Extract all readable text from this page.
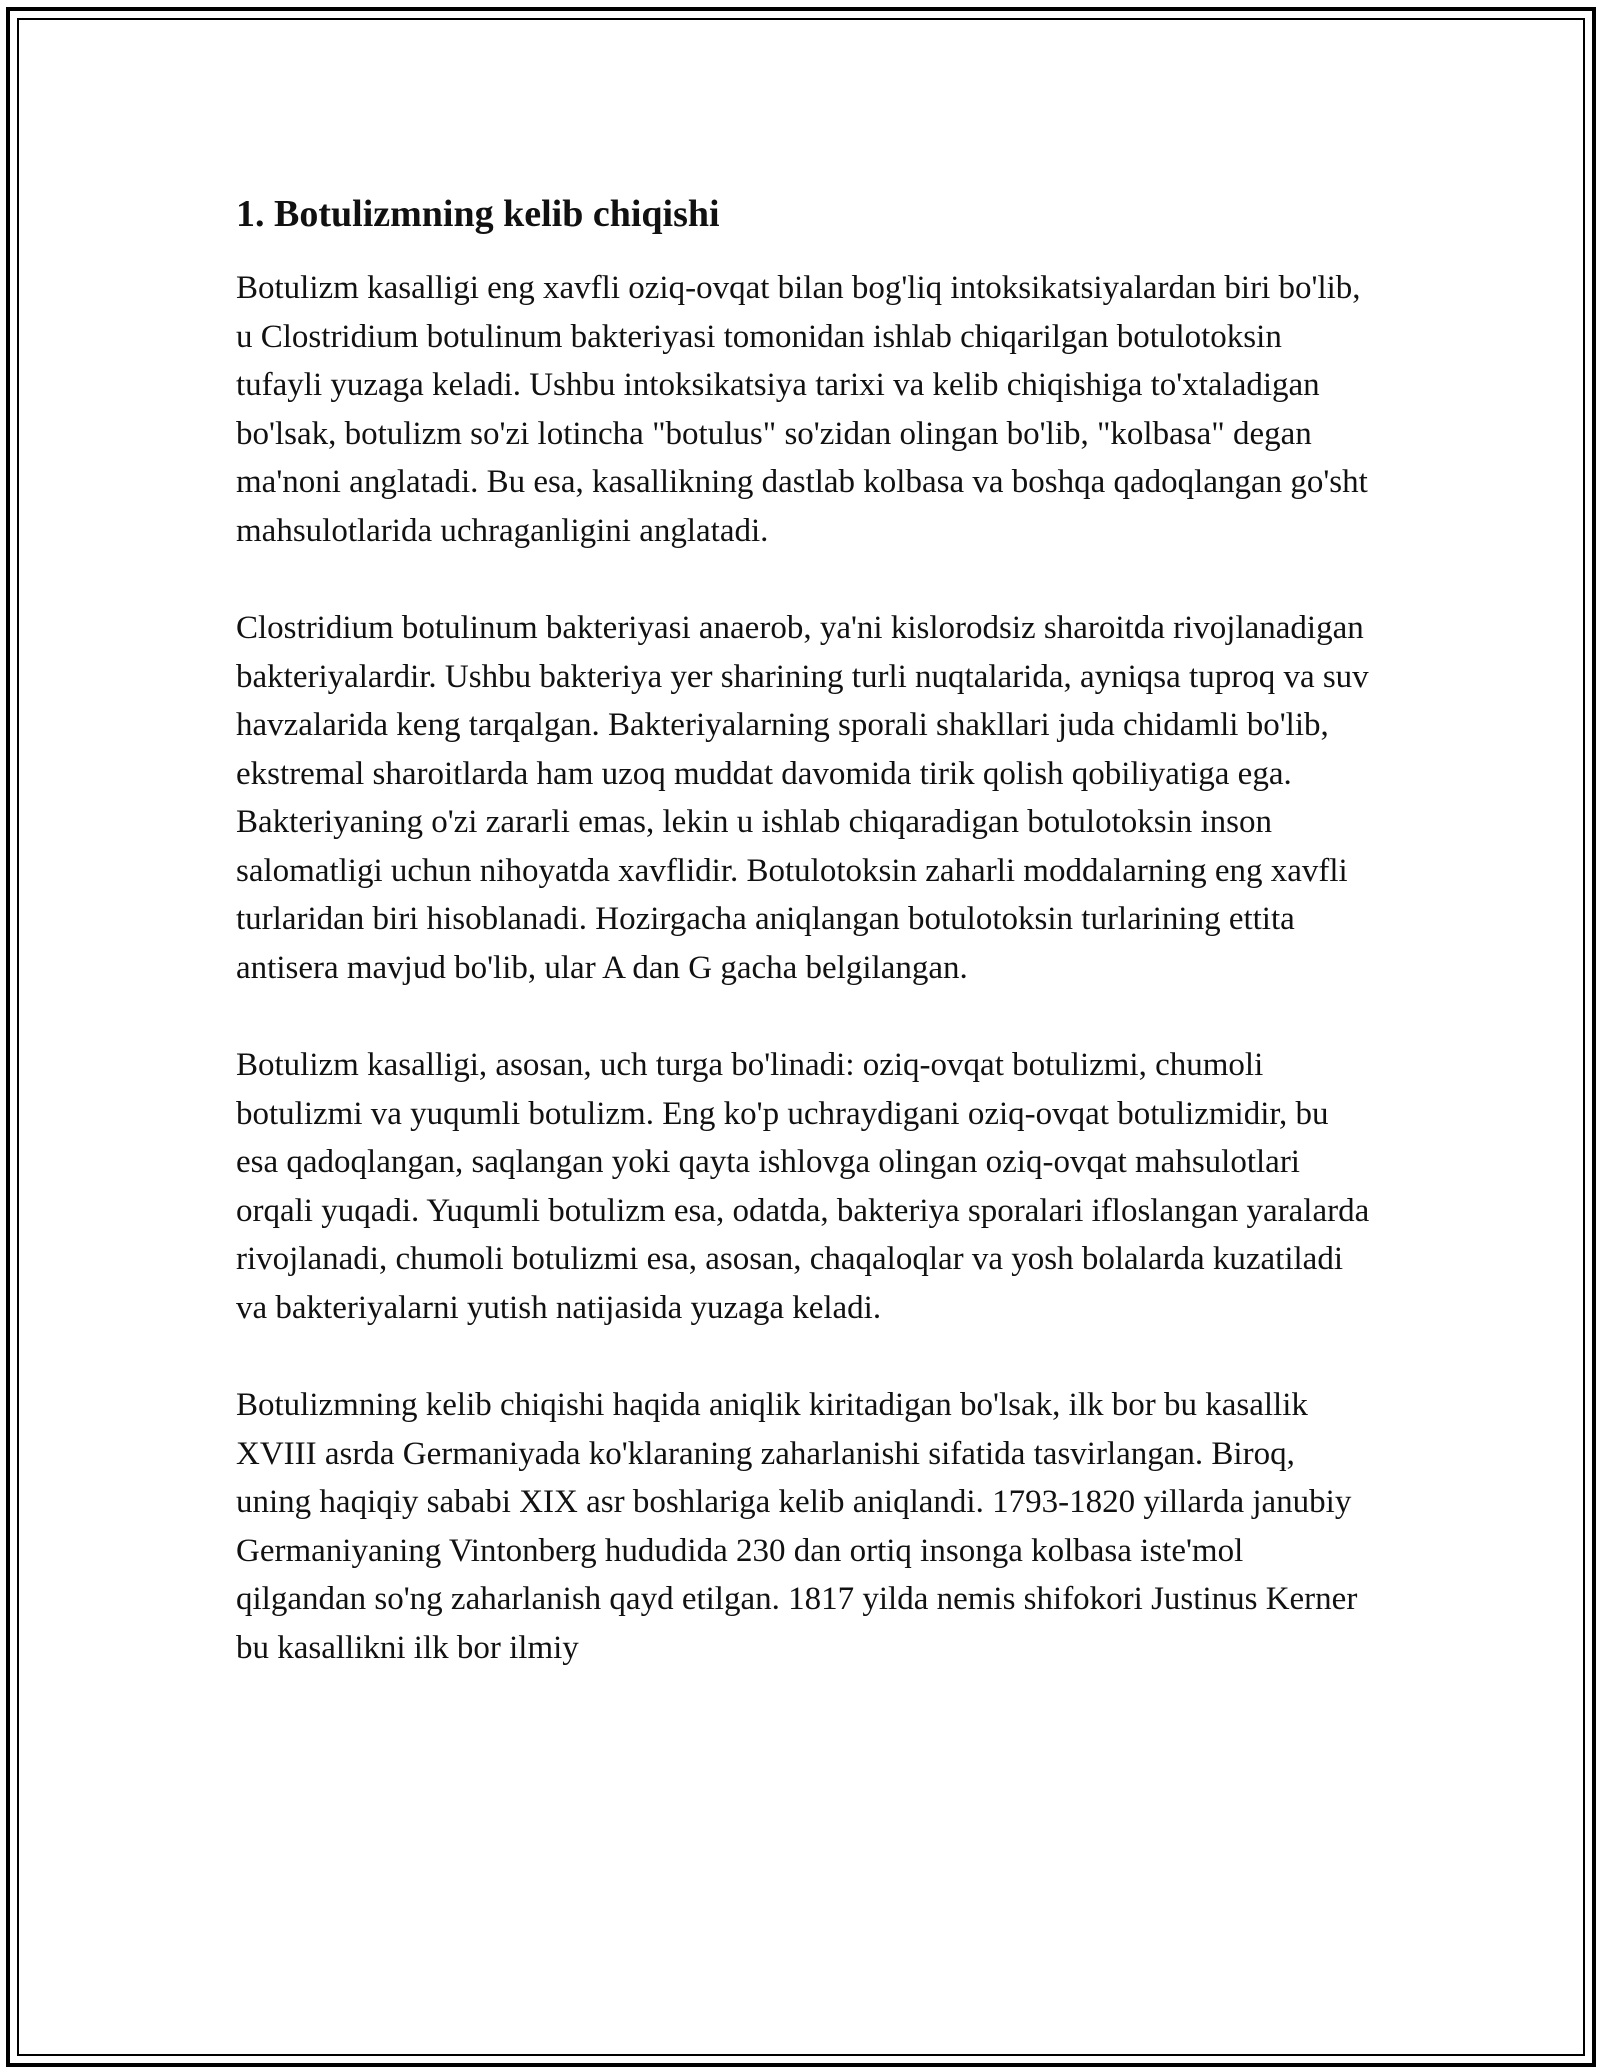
1. Botulizmning kelib chiqishi

Botulizm kasalligi eng xavfli oziq-ovqat bilan bog'liq intoksikatsiyalardan biri bo'lib, u Clostridium botulinum bakteriyasi tomonidan ishlab chiqarilgan botulotoksin tufayli yuzaga keladi. Ushbu intoksikatsiya tarixi va kelib chiqishiga to'xtaladigan bo'lsak, botulizm so'zi lotincha "botulus" so'zidan olingan bo'lib, "kolbasa" degan ma'noni anglatadi. Bu esa, kasallikning dastlab kolbasa va boshqa qadoqlangan go'sht mahsulotlarida uchraganligini anglatadi.

Clostridium botulinum bakteriyasi anaerob, ya'ni kislorodsiz sharoitda rivojlanadigan bakteriyalardir. Ushbu bakteriya yer sharining turli nuqtalarida, ayniqsa tuproq va suv havzalarida keng tarqalgan. Bakteriyalarning sporali shakllari juda chidamli bo'lib, ekstremal sharoitlarda ham uzoq muddat davomida tirik qolish qobiliyatiga ega. Bakteriyaning o'zi zararli emas, lekin u ishlab chiqaradigan botulotoksin inson salomatligi uchun nihoyatda xavflidir. Botulotoksin zaharli moddalarning eng xavfli turlaridan biri hisoblanadi. Hozirgacha aniqlangan botulotoksin turlarining ettita antisera mavjud bo'lib, ular A dan G gacha belgilangan.

Botulizm kasalligi, asosan, uch turga bo'linadi: oziq-ovqat botulizmi, chumoli botulizmi va yuqumli botulizm. Eng ko'p uchraydigani oziq-ovqat botulizmidir, bu esa qadoqlangan, saqlangan yoki qayta ishlovga olingan oziq-ovqat mahsulotlari orqali yuqadi. Yuqumli botulizm esa, odatda, bakteriya sporalari ifloslangan yaralarda rivojlanadi, chumoli botulizmi esa, asosan, chaqaloqlar va yosh bolalarda kuzatiladi va bakteriyalarni yutish natijasida yuzaga keladi.

Botulizmning kelib chiqishi haqida aniqlik kiritadigan bo'lsak, ilk bor bu kasallik XVIII asrda Germaniyada ko'klaraning zaharlanishi sifatida tasvirlangan. Biroq, uning haqiqiy sababi XIX asr boshlariga kelib aniqlandi. 1793-1820 yillarda janubiy Germaniyaning Vintonberg hududida 230 dan ortiq insonga kolbasa iste'mol qilgandan so'ng zaharlanish qayd etilgan. 1817 yilda nemis shifokori Justinus Kerner bu kasallikni ilk bor ilmiy
